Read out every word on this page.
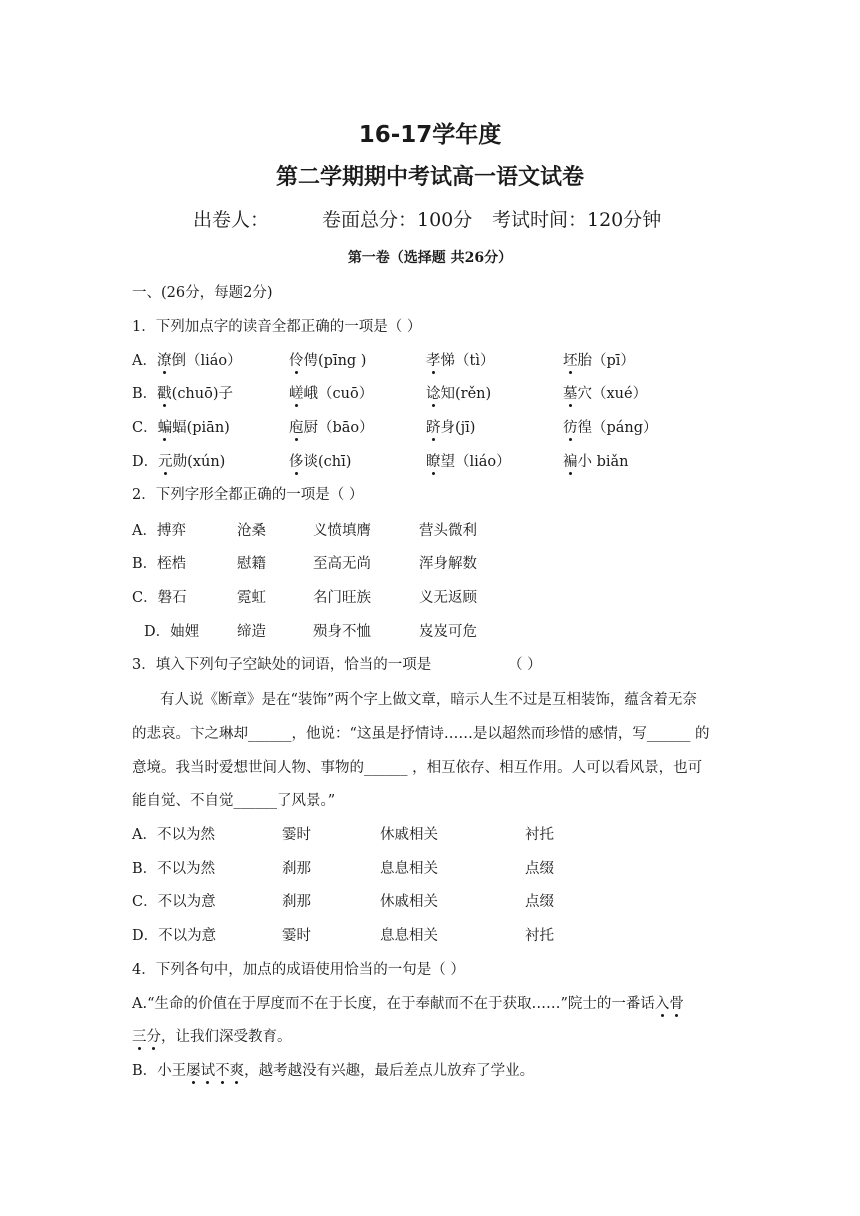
16-17学年度
第二学期期中考试高一语文试卷
出卷人：	卷面总分：100分 考试时间：120分钟
第一卷（选择题 共26分）
一、(26分，每题2分)
1．下列加点字的读音全都正确的一项是（ ）
A．潦倒（liáo）	伶俜(pīng )	孝悌（tì）	坯胎（pī）
B．戳(chuō)子	嵯峨（cuō）	谂知(rěn)	墓穴（xué）
C．蝙蝠(piān)	庖厨（bāo）	跻身(jī)	彷徨（páng）
D．元勋(xún)	侈谈(chī)	瞭望（liáo）	褊小 biǎn
2．下列字形全都正确的一项是（ ）
A．搏弈	沧桑	义愤填膺	营头微利
B．桎梏	慰籍	至高无尚	浑身解数
C．磐石	霓虹	名门旺族	义无返顾
D．妯娌	缔造	殒身不恤	岌岌可危
3．填入下列句子空缺处的词语，恰当的一项是	（ ）
有人说《断章》是在“装饰”两个字上做文章，暗示人生不过是互相装饰，蕴含着无奈
的悲哀。卞之琳却______，他说：“这虽是抒情诗……是以超然而珍惜的感情，写______ 的
意境。我当时爱想世间人物、事物的______ ，相互依存、相互作用。人可以看风景，也可
能自觉、不自觉______了风景。”
A．不以为然	霎时	休戚相关	衬托
B．不以为然	刹那	息息相关	点缀
C．不以为意	刹那	休戚相关	点缀
D．不以为意	霎时	息息相关	衬托
4．下列各句中，加点的成语使用恰当的一句是（ ）
A.“生命的价值在于厚度而不在于长度，在于奉献而不在于获取……”院士的一番话入骨
三分，让我们深受教育。
B．小王屡试不爽，越考越没有兴趣，最后差点儿放弃了学业。
